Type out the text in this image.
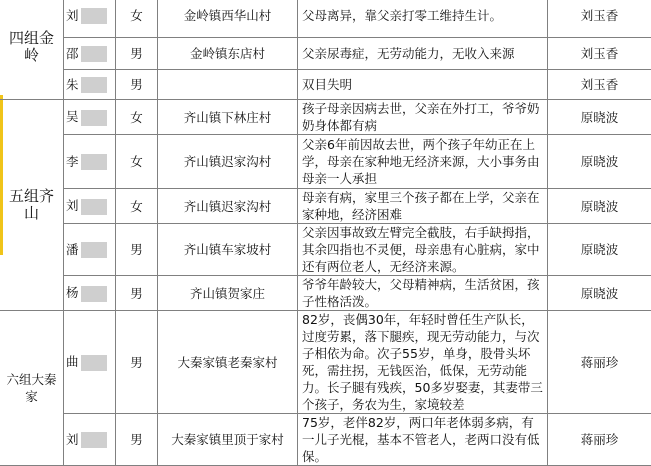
四组金岭	刘	女	金岭镇西华山村	父母离异，靠父亲打零工维持生计。	刘玉香
	邵	男	金岭镇东店村	父亲尿毒症，无劳动能力，无收入来源	刘玉香
	朱	男		双目失明	刘玉香
五组齐山	吴	女	齐山镇下林庄村	孩子母亲因病去世，父亲在外打工，爷爷奶奶身体都有病	原晓波
	李	女	齐山镇迟家沟村	父亲6年前因故去世，两个孩子年幼正在上学，母亲在家种地无经济来源，大小事务由母亲一人承担	原晓波
	刘	女	齐山镇迟家沟村	母亲有病，家里三个孩子都在上学，父亲在家种地，经济困难	原晓波
	潘	男	齐山镇车家坡村	父亲因事故致左臂完全截肢，右手缺拇指，其余四指也不灵便，母亲患有心脏病，家中还有两位老人，无经济来源。	原晓波
	杨	男	齐山镇贺家庄	爷爷年龄较大，父母精神病，生活贫困，孩子性格活泼。	原晓波
六组大秦家	曲	男	大秦家镇老秦家村	82岁，丧偶30年，年轻时曾任生产队长，过度劳累，落下腿疾，现无劳动能力，与次子相依为命。次子55岁，单身，股骨头坏死，需拄拐，无钱医治，低保，无劳动能力。长子腿有残疾，50多岁娶妻，其妻带三个孩子，务农为生，家境较差	蒋丽珍
	刘	男	大秦家镇里顶于家村	75岁，老伴82岁，两口年老体弱多病，有一儿子光棍，基本不管老人，老两口没有低保。	蒋丽珍
